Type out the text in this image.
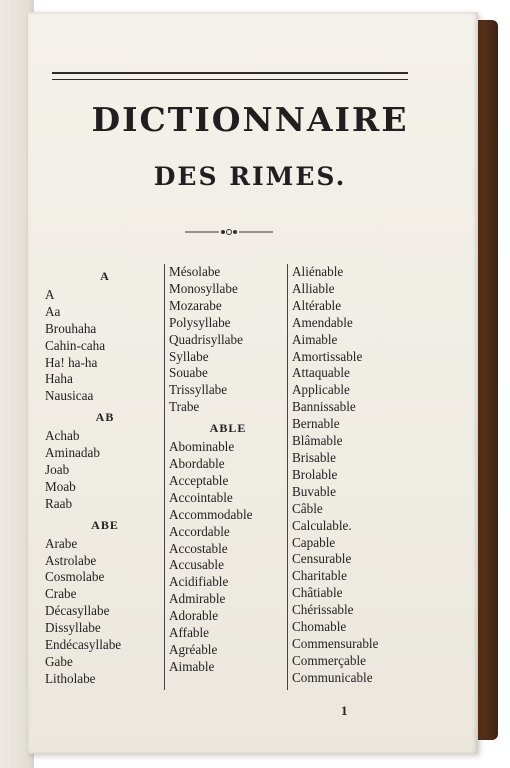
DICTIONNAIRE
DES RIMES.
A
A
Aa
Brouhaha
Cahin-caha
Ha! ha-ha
Haha
Nausicaa
AB
Achab
Aminadab
Joab
Moab
Raab
ABE
Arabe
Astrolabe
Cosmolabe
Crabe
Décasyllabe
Dissyllabe
Endécasyllabe
Gabe
Litholabe
Mésolabe
Monosyllabe
Mozarabe
Polysyllabe
Quadrisyllabe
Syllabe
Souabe
Trissyllabe
Trabe
ABLE
Abominable
Abordable
Acceptable
Accointable
Accommodable
Accordable
Accostable
Accusable
Acidifiable
Admirable
Adorable
Affable
Agréable
Aimable
Aliénable
Alliable
Altérable
Amendable
Aimable
Amortissable
Attaquable
Applicable
Bannissable
Bernable
Blâmable
Brisable
Brolable
Buvable
Câble
Calculable.
Capable
Censurable
Charitable
Châtiable
Chérissable
Chomable
Commensurable
Commerçable
Communicable
1
